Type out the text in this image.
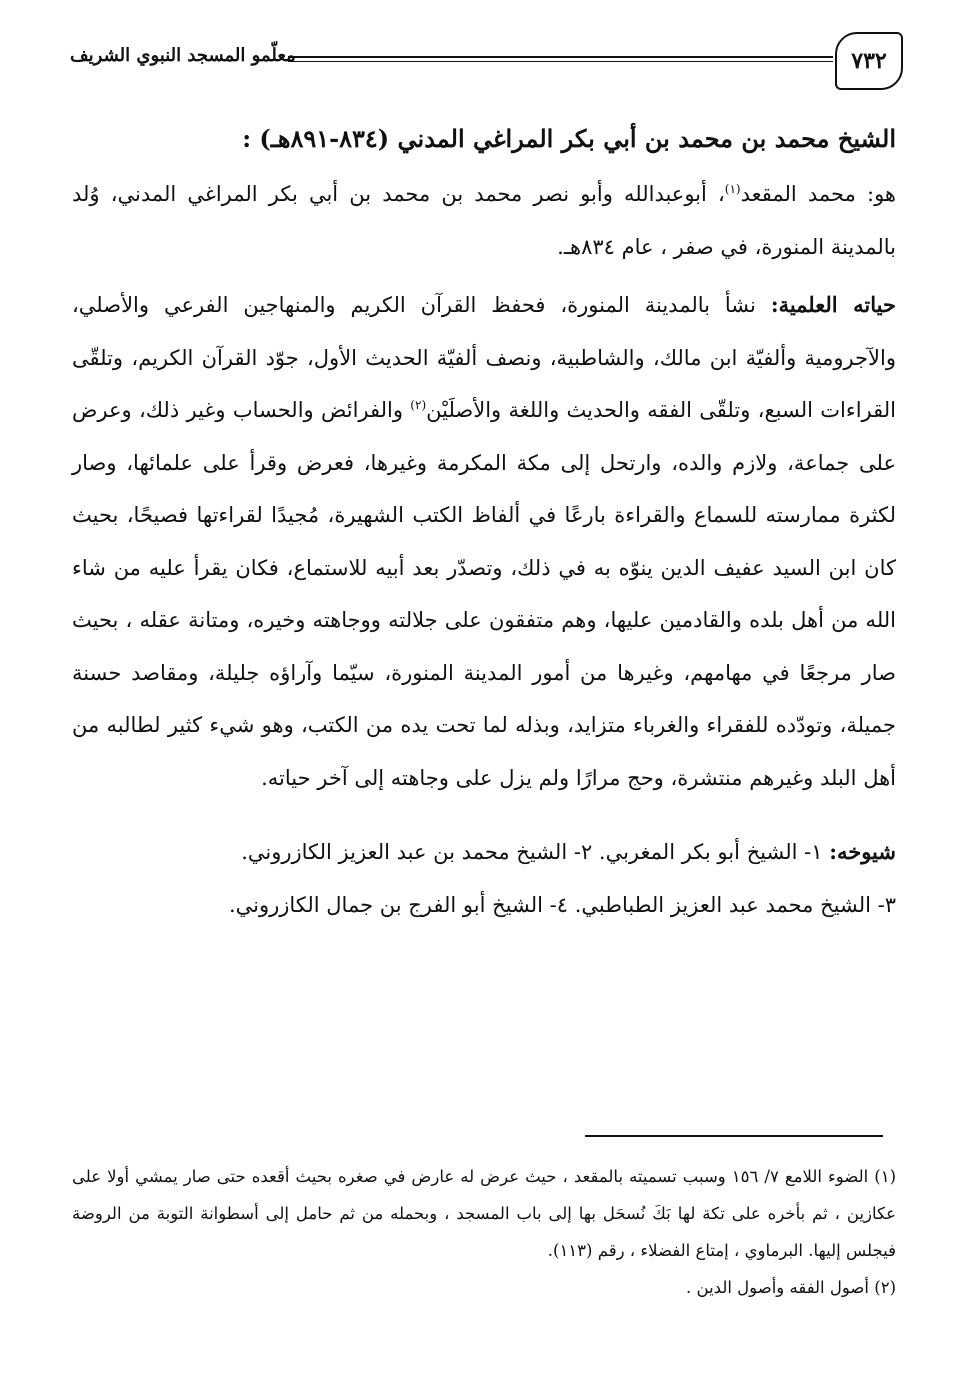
٧٣٢
معلّمو المسجد النبوي الشريف

الشيخ محمد بن محمد بن أبي بكر المراغي المدني (٨٣٤-٨٩١هـ) :

هو: محمد المقعد$^{(١)}$، أبوعبدالله وأبو نصر محمد بن محمد بن أبي بكر المراغي المدني، وُلد بالمدينة المنورة، في صفر ، عام ٨٣٤هـ.

حياته العلمية: نشأ بالمدينة المنورة، فحفظ القرآن الكريم والمنهاجين الفرعي والأصلي، والآجرومية وألفيّة ابن مالك، والشاطبية، ونصف ألفيّة الحديث الأول، جوّد القرآن الكريم، وتلقّى القراءات السبع، وتلقّى الفقه والحديث واللغة والأصلَيْن$^{(٢)}$ والفرائض والحساب وغير ذلك، وعرض على جماعة، ولازم والده، وارتحل إلى مكة المكرمة وغيرها، فعرض وقرأ على علمائها، وصار لكثرة ممارسته للسماع والقراءة بارعًا في ألفاظ الكتب الشهيرة، مُجيدًا لقراءتها فصيحًا، بحيث كان ابن السيد عفيف الدين ينوّه به في ذلك، وتصدّر بعد أبيه للاستماع، فكان يقرأ عليه من شاء الله من أهل بلده والقادمين عليها، وهم متفقون على جلالته ووجاهته وخيره، ومتانة عقله ، بحيث صار مرجعًا في مهامهم، وغيرها من أمور المدينة المنورة، سيّما وآراؤه جليلة، ومقاصد حسنة جميلة، وتودّده للفقراء والغرباء متزايد، وبذله لما تحت يده من الكتب، وهو شيء كثير لطالبه من أهل البلد وغيرهم منتشرة، وحج مرارًا ولم يزل على وجاهته إلى آخر حياته.

شيوخه: ١- الشيخ أبو بكر المغربي. ٢- الشيخ محمد بن عبد العزيز الكازروني.

٣- الشيخ محمد عبد العزيز الطباطبي. ٤- الشيخ أبو الفرج بن جمال الكازروني.

(١) الضوء اللامع ٧/ ١٥٦ وسبب تسميته بالمقعد ، حيث عرض له عارض في صغره بحيث أقعده حتى صار يمشي أولا على عكازين ، ثم بأخره على تكة لها بَكَ نُسحَل بها إلى باب المسجد ، وبحمله من ثم حامل إلى أسطوانة التوبة من الروضة فيجلس إليها. البرماوي ، إمتاع الفضلاء ، رقم (١١٣).

(٢) أصول الفقه وأصول الدين .
